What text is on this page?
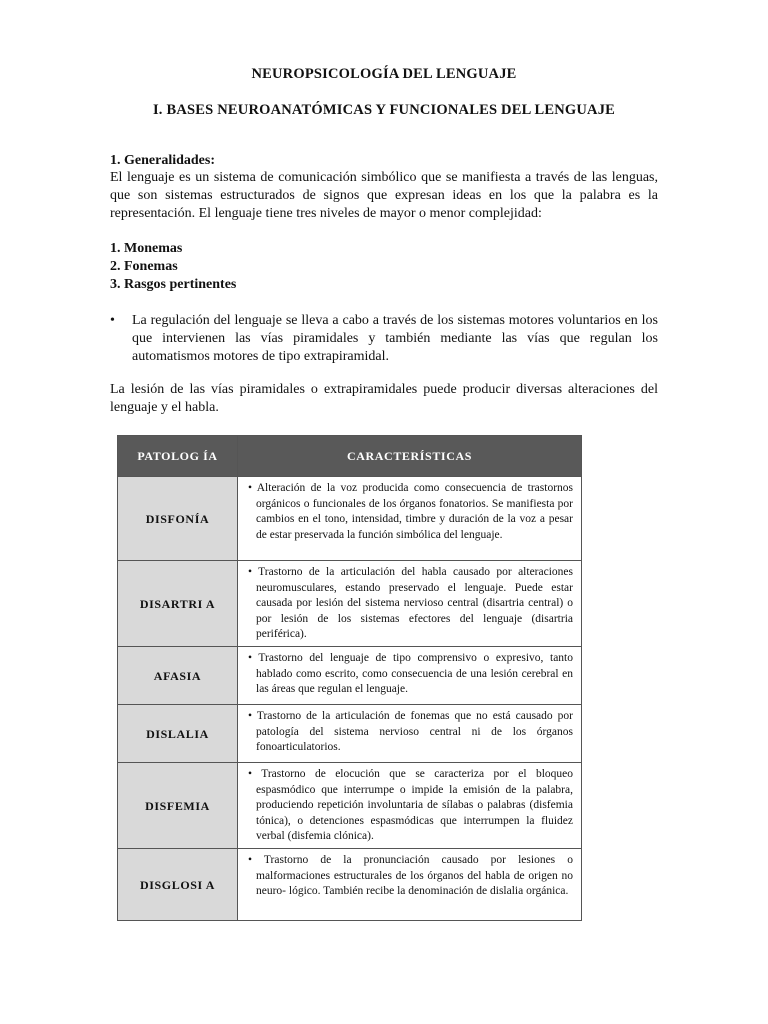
NEUROPSICOLOGÍA DEL LENGUAJE
I. BASES NEUROANATÓMICAS Y FUNCIONALES DEL LENGUAJE
1. Generalidades:
El lenguaje es un sistema de comunicación simbólico que se manifiesta a través de las lenguas, que son sistemas estructurados de signos que expresan ideas en los que la palabra es la representación. El lenguaje tiene tres niveles de mayor o menor complejidad:
1. Monemas
2. Fonemas
3. Rasgos pertinentes
•	La regulación del lenguaje se lleva a cabo a través de los sistemas motores voluntarios en los que intervienen las vías piramidales y también mediante las vías que regulan los automatismos motores de tipo extrapiramidal.
La lesión de las vías piramidales o extrapiramidales puede producir diversas alteraciones del lenguaje y el habla.
PATOLOG ÍA	CARACTERÍSTICAS
DISFONÍA	• Alteración de la voz producida como consecuencia de trastornos orgánicos o funcionales de los órganos fonatorios. Se manifiesta por cambios en el tono, intensidad, timbre y duración de la voz a pesar de estar preservada la función simbólica del lenguaje.

DISARTRI A	• Trastorno de la articulación del habla causado por alteraciones neuromusculares, estando preservado el lenguaje. Puede estar causada por lesión del sistema nervioso central (disartria central) o por lesión de los sistemas efectores del lenguaje (disartria periférica).

AFASIA	• Trastorno del lenguaje de tipo comprensivo o expresivo, tanto hablado como escrito, como consecuencia de una lesión cerebral en las áreas que regulan el lenguaje.

DISLALIA	• Trastorno de la articulación de fonemas que no está causado por patología del sistema nervioso central ni de los órganos fonoarticulatorios.

DISFEMIA	• Trastorno de elocución que se caracteriza por el bloqueo espasmódico que interrumpe o impide la emisión de la palabra, produciendo repetición involuntaria de sílabas o palabras (disfemia tónica), o detenciones espasmódicas que interrumpen la fluidez verbal (disfemia clónica).

DISGLOSI A	• Trastorno de la pronunciación causado por lesiones o malformaciones estructurales de los órganos del habla de origen no neuro- lógico. También recibe la denominación de dislalia orgánica.
